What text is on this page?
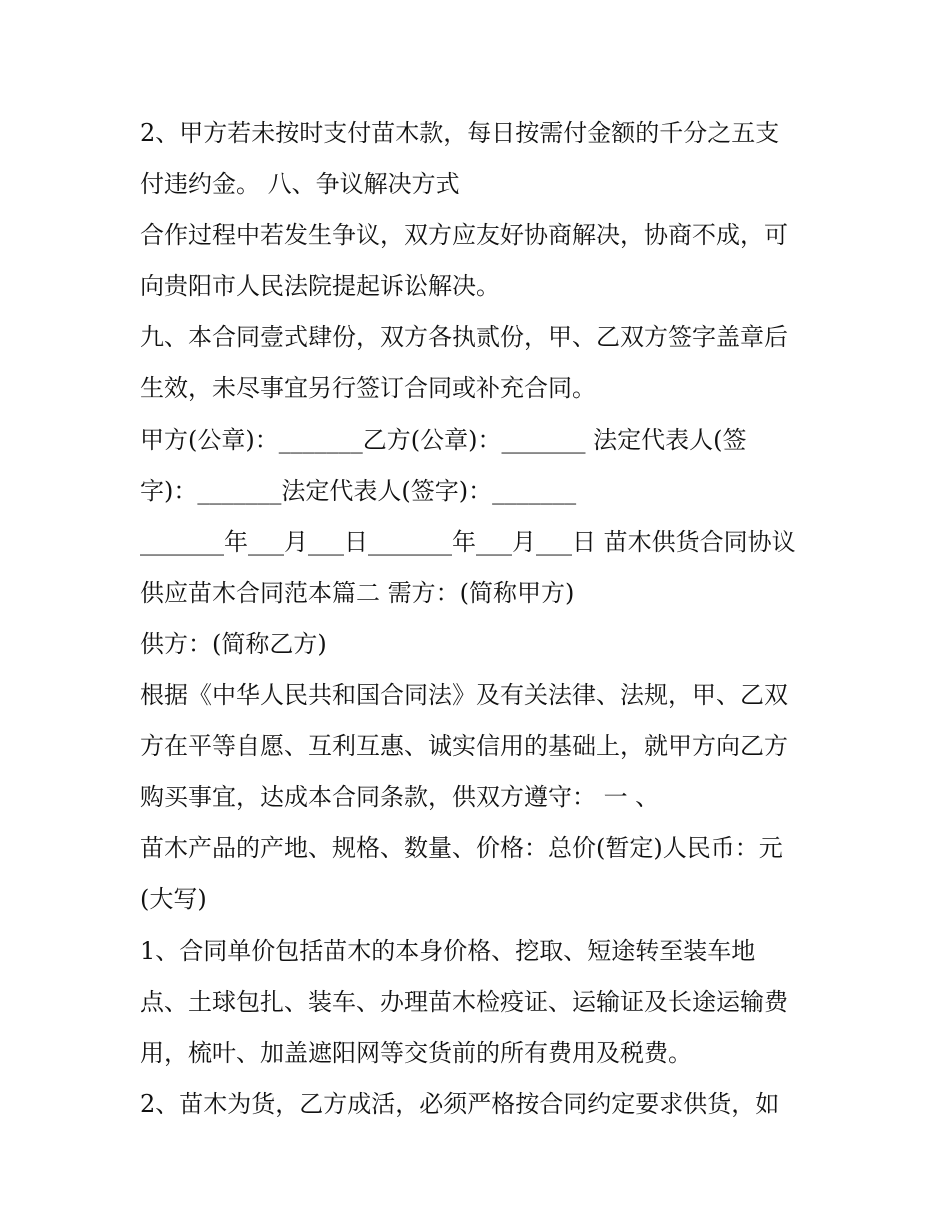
2、甲方若未按时支付苗木款，每日按需付金额的千分之五支
付违约金。 八、争议解决方式
合作过程中若发生争议，双方应友好协商解决，协商不成，可
向贵阳市人民法院提起诉讼解决。
九、本合同壹式肆份，双方各执贰份，甲、乙双方签字盖章后
生效，未尽事宜另行签订合同或补充合同。
甲方(公章)：_______乙方(公章)：_______ 法定代表人(签
字)：_______法定代表人(签字)：_______
_______年___月___日_______年___月___日 苗木供货合同协议
供应苗木合同范本篇二 需方：(简称甲方)
供方：(简称乙方)
根据《中华人民共和国合同法》及有关法律、法规，甲、乙双
方在平等自愿、互利互惠、诚实信用的基础上，就甲方向乙方
购买事宜，达成本合同条款，供双方遵守： 一 、
苗木产品的产地、规格、数量、价格：总价(暂定)人民币：元
(大写)
1、合同单价包括苗木的本身价格、挖取、短途转至装车地
点、土球包扎、装车、办理苗木检疫证、运输证及长途运输费
用，梳叶、加盖遮阳网等交货前的所有费用及税费。
2、苗木为货，乙方成活，必须严格按合同约定要求供货，如
